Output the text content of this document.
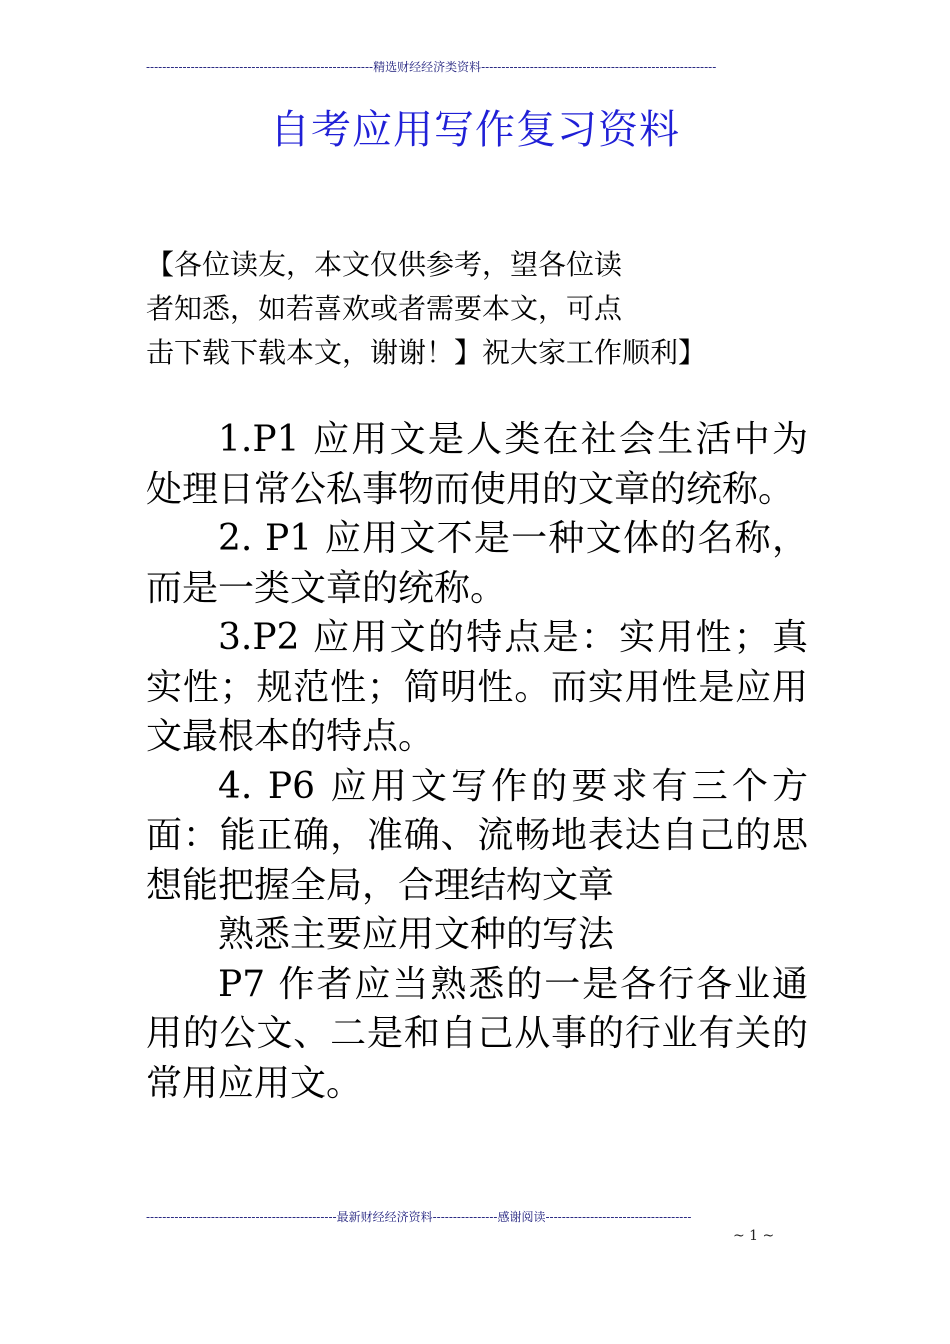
--------------------------------------------------------精选财经经济类资料----------------------------------------------------------
自考应用写作复习资料
【各位读友，本文仅供参考，望各位读
者知悉，如若喜欢或者需要本文，可点
击下载下载本文，谢谢！】祝大家工作顺利】

1.P1 应用文是人类在社会生活中为处理日常公私事物而使用的文章的统称。

2. P1 应用文不是一种文体的名称，而是一类文章的统称。

3.P2 应用文的特点是：实用性；真实性；规范性；简明性。而实用性是应用文最根本的特点。

4. P6 应用文写作的要求有三个方面：能正确，准确、流畅地表达自己的思想能把握全局，合理结构文章

熟悉主要应用文种的写法

P7 作者应当熟悉的一是各行各业通用的公文、二是和自己从事的行业有关的常用应用文。

-----------------------------------------------最新财经经济资料----------------感谢阅读------------------------------------
~ 1 ~
